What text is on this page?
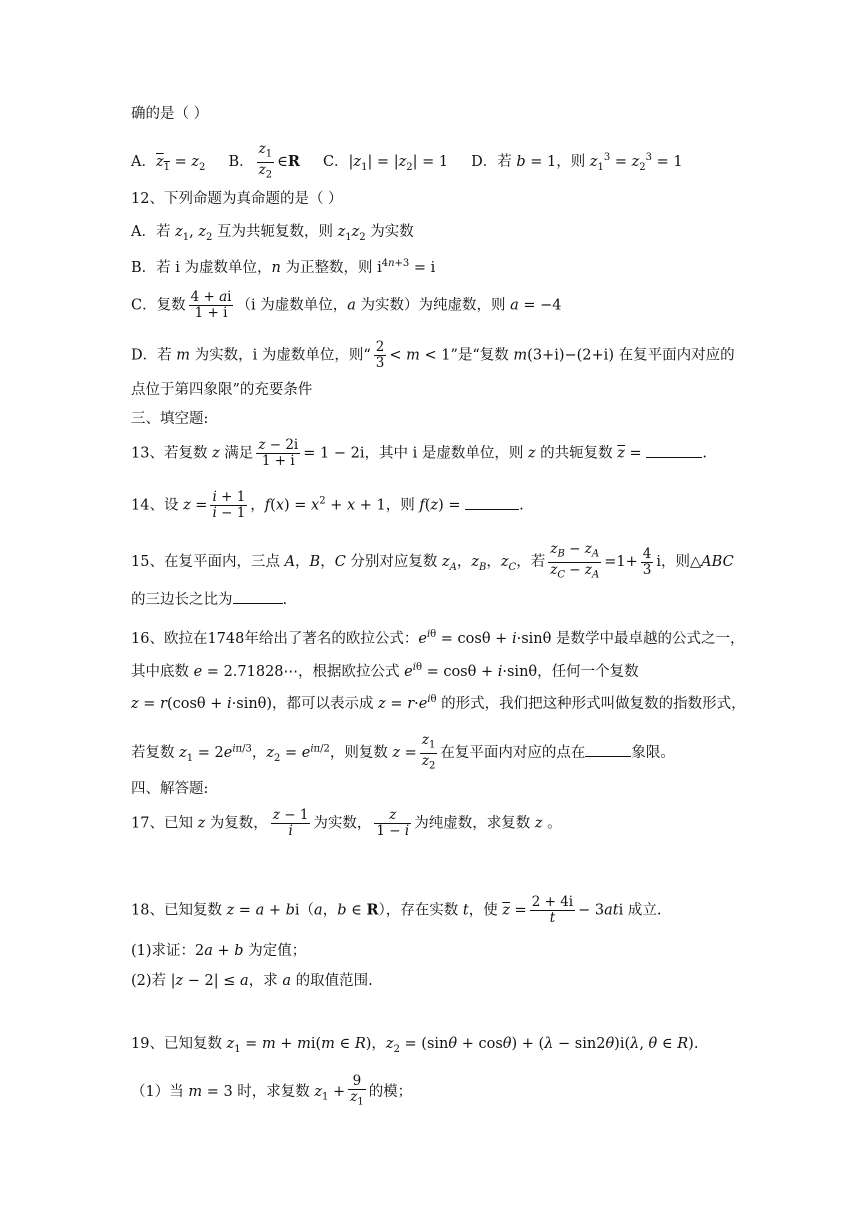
确的是（ ）
A．$z_1 = z_2$ B． $\frac{z_1}{z_2}$ ∈R C．$|z_1| = |z_2| = 1$ D．若 b = 1，则 $z_1^3 = z_2^3 = 1$
12、下列命题为真命题的是（ ）
A．若 $z_1$, $z_2$ 互为共轭复数，则 $z_1z_2$ 为实数
B．若 i 为虚数单位，n 为正整数，则 $i^{4n+3} = i$
C．复数 $\frac{4 + ai}{1 + i} (i$ 为虚数单位，a 为实数）为纯虚数，则 a = −4
D．若 m 为实数，i 为虚数单位，则“ $\frac{2}{3} < m < 1$”是“复数 m(3+i)−(2+i) 在复平面内对应的
点位于第四象限”的充要条件
三、填空题:
13、若复数 z 满足 $\frac{z - 2i}{1 + i} = 1 - 2i$，其中 i 是虚数单位，则 z 的共轭复数 $\overline{z}$ =	.
14、设 $z = \frac{i + 1}{i - 1}$ ，$f(x) = x^2 + x + 1$，则 f(z) =	.
15、在复平面内，三点 A，B，C 分别对应复数 $z_A$，$z_B$，$z_C$，若 $\frac{z_B - z_A}{z_C - z_A} =1+ \frac{4}{3}$ i，则△ABC
的三边长之比为	.
16、欧拉在1748年给出了著名的欧拉公式：$e^{i\theta} = \cos\theta + i\cdot\sin\theta$ 是数学中最卓越的公式之一，
其中底数 e = 2.71828⋯，根据欧拉公式 $e^{i\theta} = \cos\theta + i\cdot\sin\theta$，任何一个复数
z = r(cosθ + i·sinθ)，都可以表示成 $z = r\cdot e^{i\theta}$ 的形式，我们把这种形式叫做复数的指数形式，
若复数 $z_1 = 2e^{i\pi/3}$，$z_2 = e^{i\pi/2}$，则复数 $z = \frac{z_1}{z_2}$ 在复平面内对应的点在	象限。
四、解答题:
17、已知 z 为复数， $\frac{z - 1}{i}$ 为实数， $\frac{z}{1 - i}$ 为纯虚数，求复数 z 。
18、已知复数 z = a + bi（a，b ∈ R），存在实数 t，使 $\overline{z} = \frac{2 + 4i}{t} - 3ati$ 成立.
(1)求证：2a + b 为定值；
(2)若 |z − 2| ≤ a，求 a 的取值范围.
19、已知复数 $z_1 = m + mi(m$ ∈ R)，$z_2 = (\sin\theta + \cos\theta) + (\lambda - \sin 2\theta)i(\lambda$, θ ∈ R).
（1）当 m = 3 时，求复数 $z_1 + \frac{9}{z_1}$ 的模；
